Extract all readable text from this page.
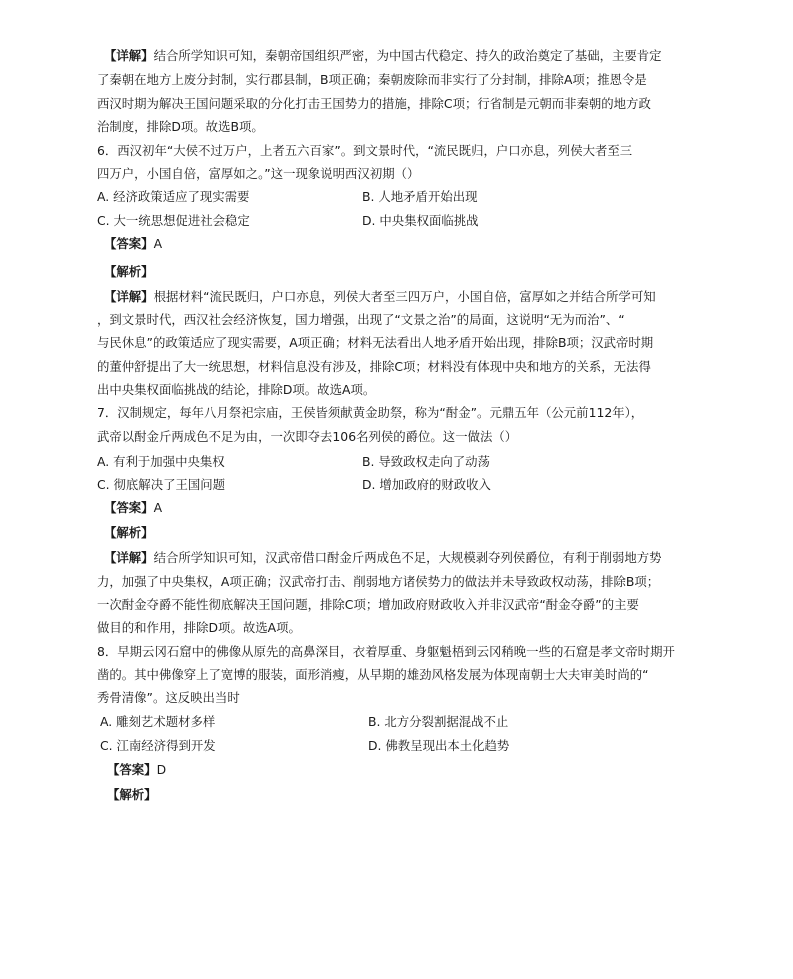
【详解】结合所学知识可知，秦朝帝国组织严密，为中国古代稳定、持久的政治奠定了基础，主要肯定
了秦朝在地方上废分封制，实行郡县制，B项正确；秦朝废除而非实行了分封制，排除A项；推恩令是
西汉时期为解决王国问题采取的分化打击王国势力的措施，排除C项；行省制是元朝而非秦朝的地方政
治制度，排除D项。故选B项。
6．西汉初年“大侯不过万户，上者五六百家”。到文景时代，“流民既归，户口亦息，列侯大者至三
四万户，小国自倍，富厚如之。”这一现象说明西汉初期（）
A. 经济政策适应了现实需要	B. 人地矛盾开始出现
C. 大一统思想促进社会稳定	D. 中央集权面临挑战
【答案】A
【解析】
【详解】根据材料“流民既归，户口亦息，列侯大者至三四万户，小国自倍，富厚如之并结合所学可知
，到文景时代，西汉社会经济恢复，国力增强，出现了“文景之治”的局面，这说明“无为而治”、“
与民休息”的政策适应了现实需要，A项正确；材料无法看出人地矛盾开始出现，排除B项；汉武帝时期
的董仲舒提出了大一统思想，材料信息没有涉及，排除C项；材料没有体现中央和地方的关系，无法得
出中央集权面临挑战的结论，排除D项。故选A项。
7．汉制规定，每年八月祭祀宗庙，王侯皆须献黄金助祭，称为“酎金”。元鼎五年（公元前112年），
武帝以酎金斤两成色不足为由，一次即夺去106名列侯的爵位。这一做法（）
A. 有利于加强中央集权	B. 导致政权走向了动荡
C. 彻底解决了王国问题	D. 增加政府的财政收入
【答案】A
【解析】
【详解】结合所学知识可知，汉武帝借口酎金斤两成色不足，大规模剥夺列侯爵位，有利于削弱地方势
力，加强了中央集权，A项正确；汉武帝打击、削弱地方诸侯势力的做法并未导致政权动荡，排除B项；
一次酎金夺爵不能性彻底解决王国问题，排除C项；增加政府财政收入并非汉武帝“酎金夺爵”的主要
做目的和作用，排除D项。故选A项。
8．早期云冈石窟中的佛像从原先的高鼻深目，衣着厚重、身躯魁梧到云冈稍晚一些的石窟是孝文帝时期开
凿的。其中佛像穿上了宽博的服装，面形消瘦，从早期的雄劲风格发展为体现南朝士大夫审美时尚的“
秀骨清像”。这反映出当时
A. 雕刻艺术题材多样	B. 北方分裂割据混战不止
C. 江南经济得到开发	D. 佛教呈现出本土化趋势
【答案】D
【解析】
